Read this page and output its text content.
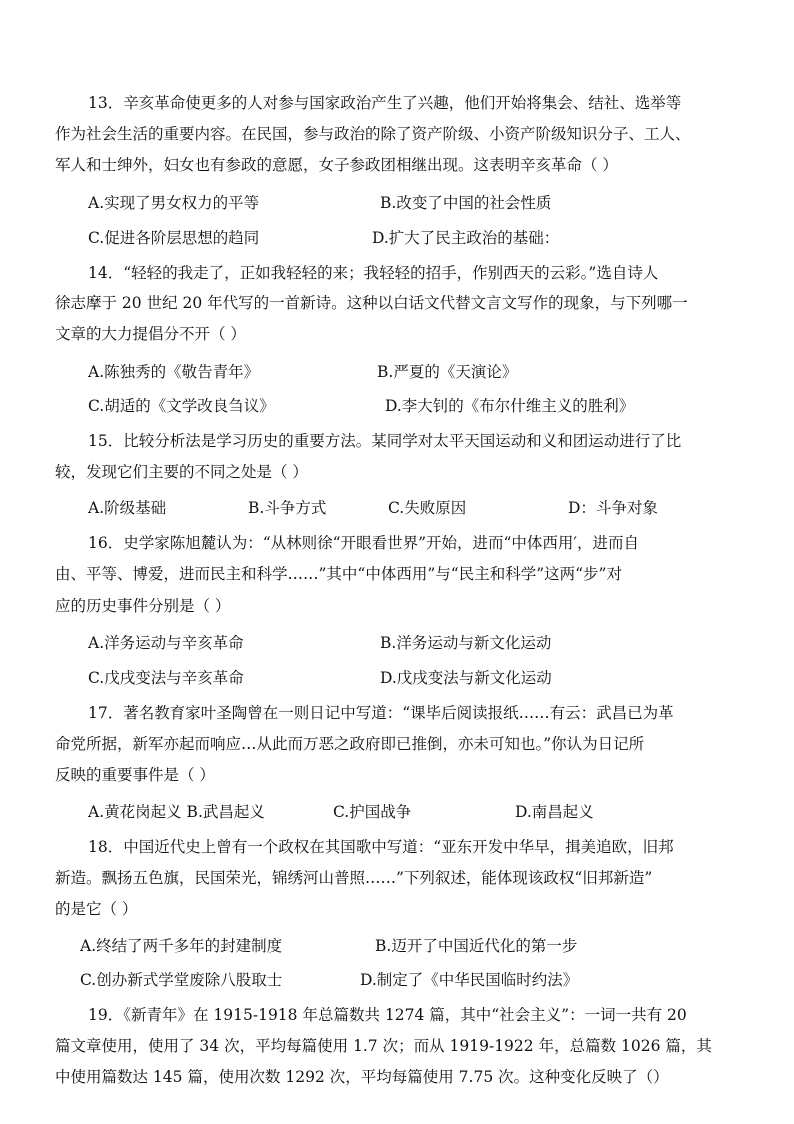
13．辛亥革命使更多的人对参与国家政治产生了兴趣，他们开始将集会、结社、选举等
作为社会生活的重要内容。在民国，参与政治的除了资产阶级、小资产阶级知识分子、工人、
军人和士绅外，妇女也有参政的意愿，女子参政团相继出现。这表明辛亥革命（ ）
A.实现了男女权力的平等	B.改变了中国的社会性质
C.促进各阶层思想的趋同	D.扩大了民主政治的基础：
14．“轻轻的我走了，正如我轻轻的来；我轻轻的招手，作别西天的云彩。”选自诗人
徐志摩于 20 世纪 20 年代写的一首新诗。这种以白话文代替文言文写作的现象，与下列哪一
文章的大力提倡分不开（ ）
A.陈独秀的《敬告青年》	B.严夏的《天演论》
C.胡适的《文学改良刍议》	D.李大钊的《布尔什维主义的胜利》
15．比较分析法是学习历史的重要方法。某同学对太平天国运动和义和团运动进行了比
较，发现它们主要的不同之处是（ ）
A.阶级基础	B.斗争方式	C.失败原因	D：斗争对象
16．史学家陈旭麓认为：“从林则徐“开眼看世界”开始，进而“中体西用′，进而自
由、平等、博爱，进而民主和科学……”其中“中体西用”与“民主和科学”这两“步”对
应的历史事件分别是（ ）
A.洋务运动与辛亥革命	B.洋务运动与新文化运动
C.戊戌变法与辛亥革命	D.戊戌变法与新文化运动
17．著名教育家叶圣陶曾在一则日记中写道：“课毕后阅读报纸……有云：武昌已为革
命党所据，新军亦起而响应…从此而万恶之政府即已推倒，亦未可知也。”你认为日记所
反映的重要事件是（ ）
A.黄花岗起义 B.武昌起义	C.护国战争	D.南昌起义
18．中国近代史上曾有一个政权在其国歌中写道：“亚东开发中华早，揖美追欧，旧邦
新造。飘扬五色旗，民国荣光，锦绣河山普照……”下列叙述，能体现该政权“旧邦新造”
的是它（ ）
A.终结了两千多年的封建制度	B.迈开了中国近代化的第一步
C.创办新式学堂废除八股取士	D.制定了《中华民国临时约法》
19．《新青年》在 1915-1918 年总篇数共 1274 篇，其中“社会主义”：一词一共有 20
篇文章使用，使用了 34 次，平均每篇使用 1.7 次；而从 1919-1922 年，总篇数 1026 篇，其
中使用篇数达 145 篇，使用次数 1292 次，平均每篇使用 7.75 次。这种变化反映了（）
